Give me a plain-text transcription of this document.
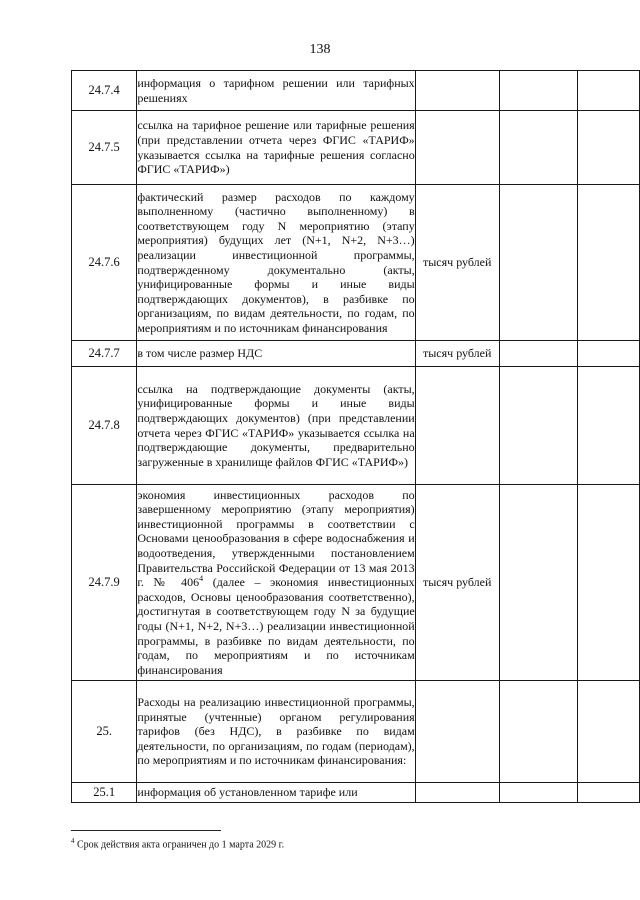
138
24.7.4	информация о тарифном решении или тарифных решениях			
24.7.5	ссылка на тарифное решение или тарифные решения (при представлении отчета через ФГИС «ТАРИФ» указывается ссылка на тарифные решения согласно ФГИС «ТАРИФ»)			
24.7.6	фактический размер расходов по каждому выполненному (частично выполненному) в соответствующем году N мероприятию (этапу мероприятия) будущих лет (N+1, N+2, N+3…) реализации инвестиционной программы, подтвержденному документально (акты, унифицированные формы и иные виды подтверждающих документов), в разбивке по организациям, по видам деятельности, по годам, по мероприятиям и по источникам финансирования	тысяч рублей		
24.7.7	в том числе размер НДС	тысяч рублей		
24.7.8	ссылка на подтверждающие документы (акты, унифицированные формы и иные виды подтверждающих документов) (при представлении отчета через ФГИС «ТАРИФ» указывается ссылка на подтверждающие документы, предварительно загруженные в хранилище файлов ФГИС «ТАРИФ»)			
24.7.9	экономия инвестиционных расходов по завершенному мероприятию (этапу мероприятия) инвестиционной программы в соответствии с Основами ценообразования в сфере водоснабжения и водоотведения, утвержденными постановлением Правительства Российской Федерации от 13 мая 2013 г. № $406^4$ (далее – экономия инвестиционных расходов, Основы ценообразования соответственно), достигнутая в соответствующем году N за будущие годы (N+1, N+2, N+3…) реализации инвестиционной программы, в разбивке по видам деятельности, по годам, по мероприятиям и по источникам финансирования	тысяч рублей		
25.	Расходы на реализацию инвестиционной программы, принятые (учтенные) органом регулирования тарифов (без НДС), в разбивке по видам деятельности, по организациям, по годам (периодам), по мероприятиям и по источникам финансирования:			
25.1	информация об установленном тарифе или			
$^4$ Срок действия акта ограничен до 1 марта 2029 г.
